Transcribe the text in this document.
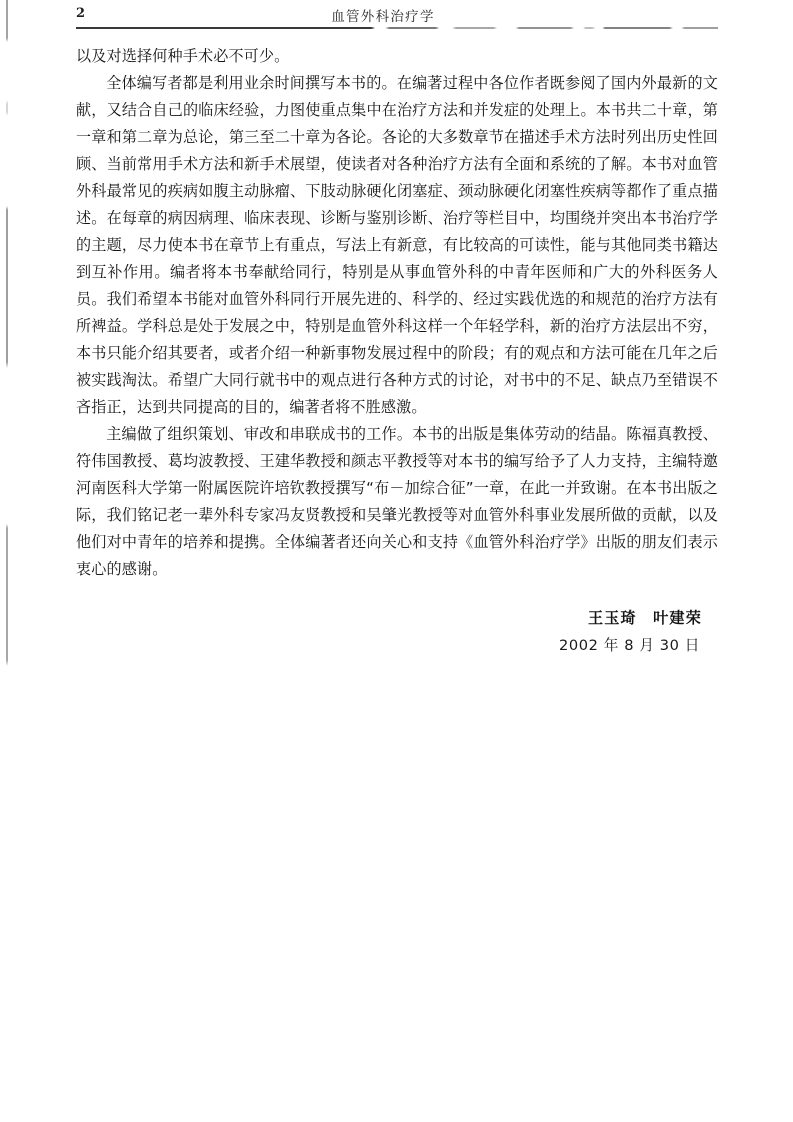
2	血管外科治疗学

以及对选择何种手术必不可少。

全体编写者都是利用业余时间撰写本书的。在编著过程中各位作者既参阅了国内外最新的文献，又结合自己的临床经验，力图使重点集中在治疗方法和并发症的处理上。本书共二十章，第一章和第二章为总论，第三至二十章为各论。各论的大多数章节在描述手术方法时列出历史性回顾、当前常用手术方法和新手术展望，使读者对各种治疗方法有全面和系统的了解。本书对血管外科最常见的疾病如腹主动脉瘤、下肢动脉硬化闭塞症、颈动脉硬化闭塞性疾病等都作了重点描述。在每章的病因病理、临床表现、诊断与鉴别诊断、治疗等栏目中，均围绕并突出本书治疗学的主题，尽力使本书在章节上有重点，写法上有新意，有比较高的可读性，能与其他同类书籍达到互补作用。编者将本书奉献给同行，特别是从事血管外科的中青年医师和广大的外科医务人员。我们希望本书能对血管外科同行开展先进的、科学的、经过实践优选的和规范的治疗方法有所裨益。学科总是处于发展之中，特别是血管外科这样一个年轻学科，新的治疗方法层出不穷，本书只能介绍其要者，或者介绍一种新事物发展过程中的阶段；有的观点和方法可能在几年之后被实践淘汰。希望广大同行就书中的观点进行各种方式的讨论，对书中的不足、缺点乃至错误不吝指正，达到共同提高的目的，编著者将不胜感激。

主编做了组织策划、审改和串联成书的工作。本书的出版是集体劳动的结晶。陈福真教授、符伟国教授、葛均波教授、王建华教授和颜志平教授等对本书的编写给予了人力支持，主编特邀河南医科大学第一附属医院许培钦教授撰写“布－加综合征”一章，在此一并致谢。在本书出版之际，我们铭记老一辈外科专家冯友贤教授和吴肇光教授等对血管外科事业发展所做的贡献，以及他们对中青年的培养和提携。全体编著者还向关心和支持《血管外科治疗学》出版的朋友们表示衷心的感谢。

王玉琦　叶建荣
2002 年 8 月 30 日
